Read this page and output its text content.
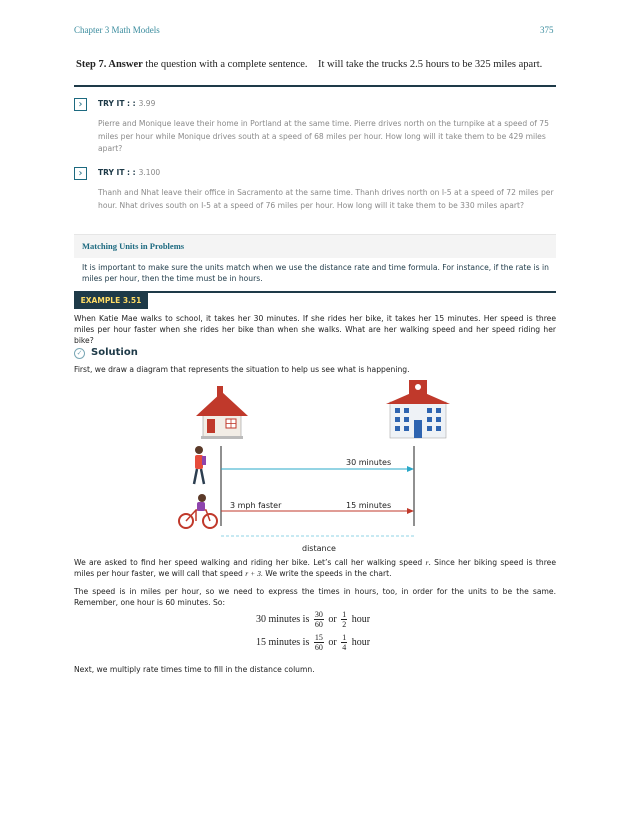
Chapter 3 Math Models	375
Step 7. Answer the question with a complete sentence. It will take the trucks 2.5 hours to be 325 miles apart.
›	TRY IT : : 3.99
Pierre and Monique leave their home in Portland at the same time. Pierre drives north on the turnpike at a speed of 75 miles per hour while Monique drives south at a speed of 68 miles per hour. How long will it take them to be 429 miles apart?
›	TRY IT : : 3.100
Thanh and Nhat leave their office in Sacramento at the same time. Thanh drives north on I-5 at a speed of 72 miles per hour. Nhat drives south on I-5 at a speed of 76 miles per hour. How long will it take them to be 330 miles apart?
Matching Units in Problems
It is important to make sure the units match when we use the distance rate and time formula. For instance, if the rate is in miles per hour, then the time must be in hours.
EXAMPLE 3.51
When Katie Mae walks to school, it takes her 30 minutes. If she rides her bike, it takes her 15 minutes. Her speed is three miles per hour faster when she rides her bike than when she walks. What are her walking speed and her speed riding her bike?
✓ Solution
First, we draw a diagram that represents the situation to help us see what is happening.
30 minutes
3 mph faster	15 minutes
distance
We are asked to find her speed walking and riding her bike. Let’s call her walking speed r. Since her biking speed is three miles per hour faster, we will call that speed r + 3. We write the speeds in the chart.
The speed is in miles per hour, so we need to express the times in hours, too, in order for the units to be the same. Remember, one hour is 60 minutes. So:
30 minutes is $\frac{30}{60}$ or $\frac{1}{2}$ hour
15 minutes is $\frac{15}{60}$ or $\frac{1}{4}$ hour
Next, we multiply rate times time to fill in the distance column.
